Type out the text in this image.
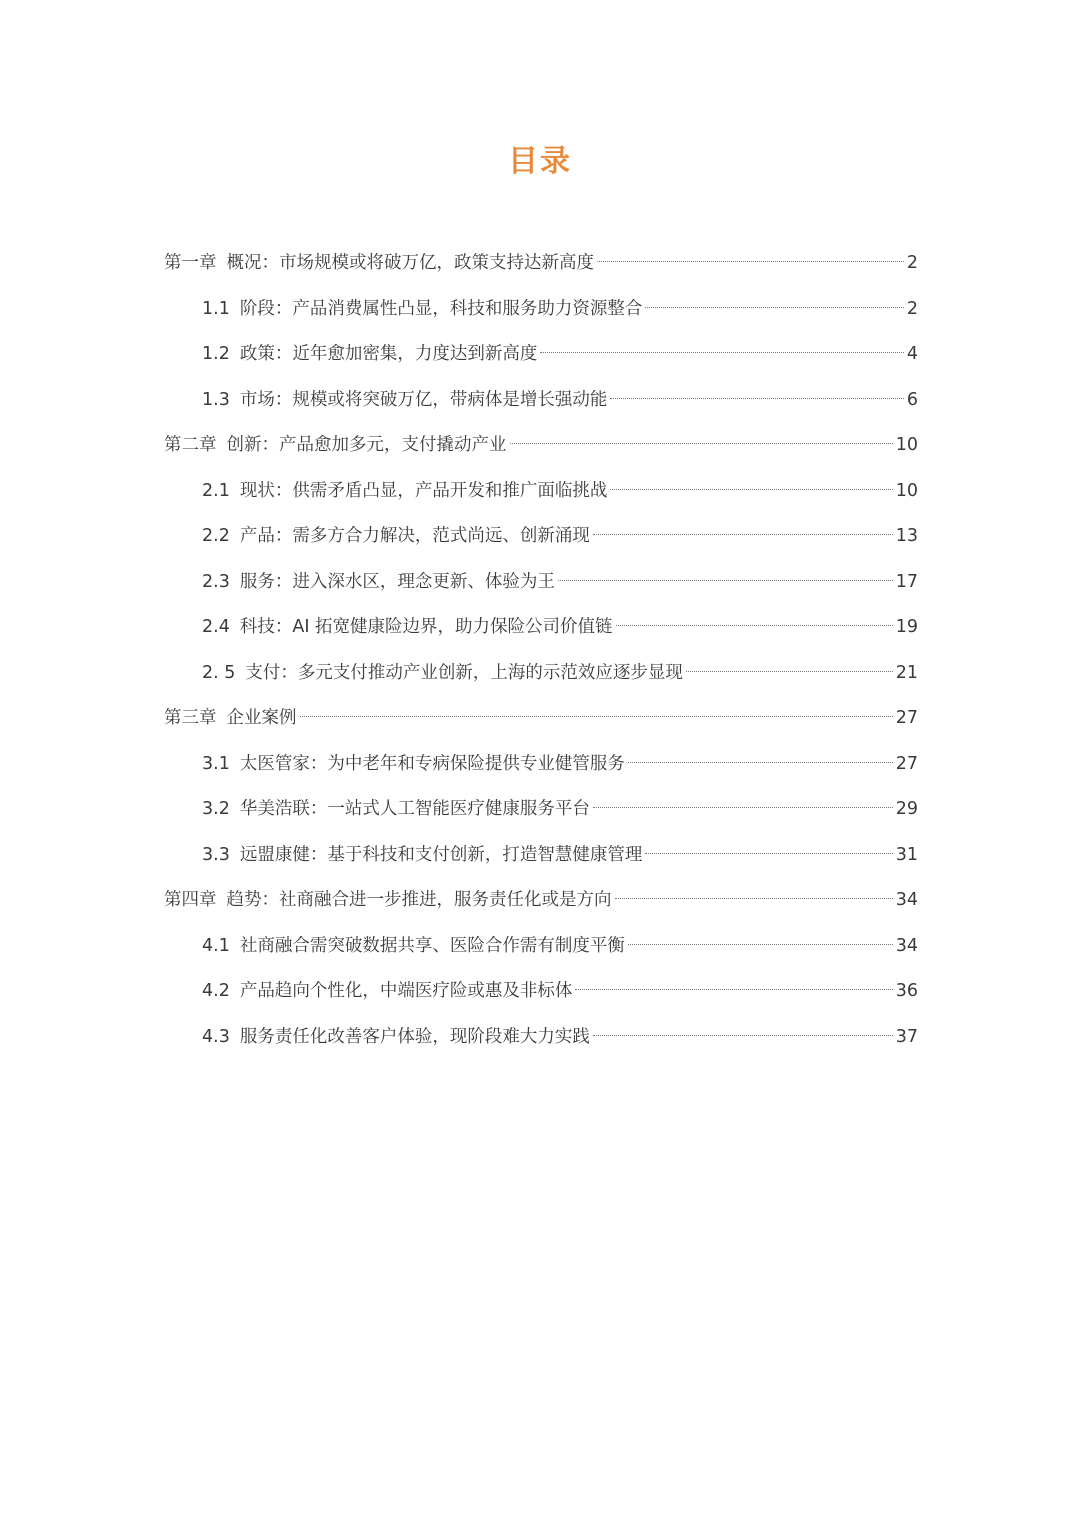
目录
第一章 概况：市场规模或将破万亿，政策支持达新高度	2
1.1 阶段：产品消费属性凸显，科技和服务助力资源整合	2
1.2 政策：近年愈加密集，力度达到新高度	4
1.3 市场：规模或将突破万亿，带病体是增长强动能	6
第二章 创新：产品愈加多元，支付撬动产业	10
2.1 现状：供需矛盾凸显，产品开发和推广面临挑战	10
2.2 产品：需多方合力解决，范式尚远、创新涌现	13
2.3 服务：进入深水区，理念更新、体验为王	17
2.4 科技：AI 拓宽健康险边界，助力保险公司价值链	19
2. 5 支付：多元支付推动产业创新，上海的示范效应逐步显现	21
第三章 企业案例	27
3.1 太医管家：为中老年和专病保险提供专业健管服务	27
3.2 华美浩联：一站式人工智能医疗健康服务平台	29
3.3 远盟康健：基于科技和支付创新，打造智慧健康管理	31
第四章 趋势：社商融合进一步推进，服务责任化或是方向	34
4.1 社商融合需突破数据共享、医险合作需有制度平衡	34
4.2 产品趋向个性化，中端医疗险或惠及非标体	36
4.3 服务责任化改善客户体验，现阶段难大力实践	37
